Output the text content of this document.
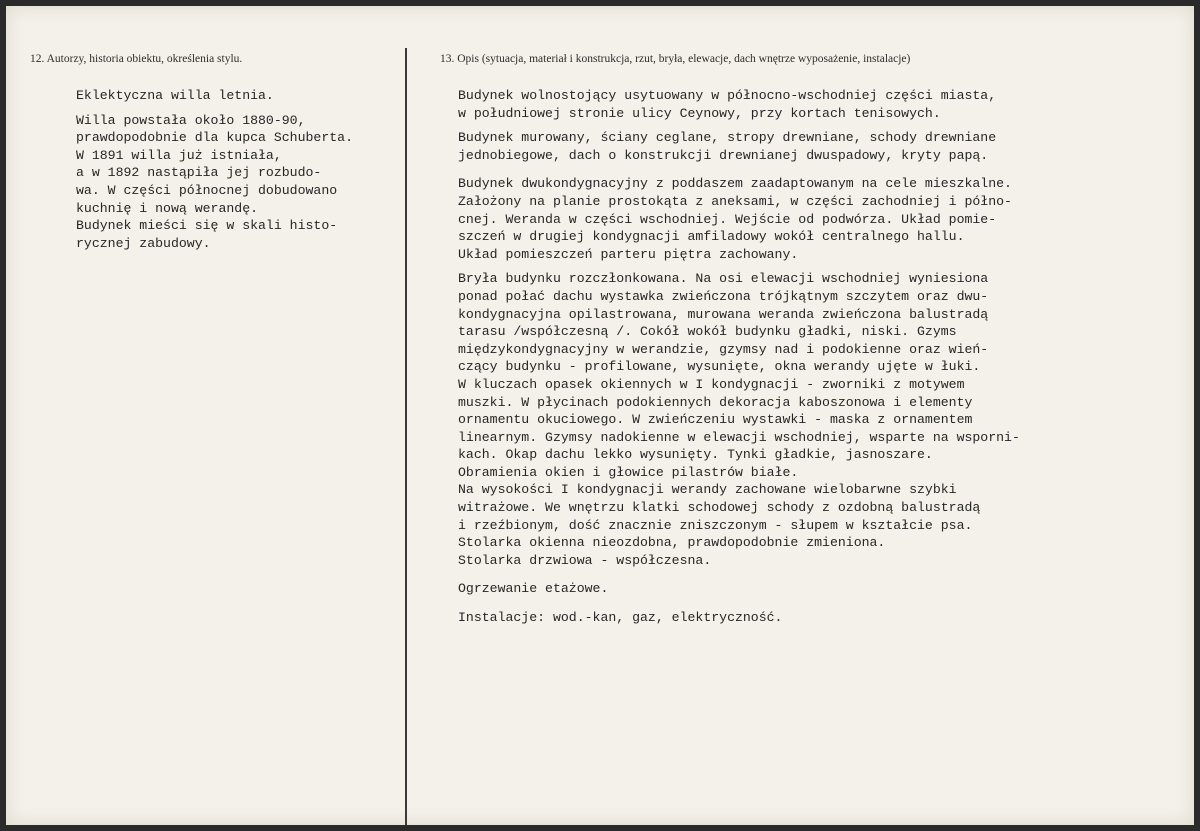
12. Autorzy, historia obiektu, określenia stylu.	13. Opis (sytuacja, materiał i konstrukcja, rzut, bryła, elewacje, dach wnętrze wyposażenie, instalacje)

Eklektyczna willa letnia.

Willa powstała około 1880-90,

prawdopodobnie dla kupca Schuberta.

W 1891 willa już istniała,

a w 1892 nastąpiła jej rozbudo-

wa. W części północnej dobudowano

kuchnię i nową werandę.

Budynek mieści się w skali histo-

rycznej zabudowy.

Budynek wolnostojący usytuowany w północno-wschodniej części miasta,

w południowej stronie ulicy Ceynowy, przy kortach tenisowych.

Budynek murowany, ściany ceglane, stropy drewniane, schody drewniane

jednobiegowe, dach o konstrukcji drewnianej dwuspadowy, kryty papą.

Budynek dwukondygnacyjny z poddaszem zaadaptowanym na cele mieszkalne.

Założony na planie prostokąta z aneksami, w części zachodniej i półno-

cnej. Weranda w części wschodniej. Wejście od podwórza. Układ pomie-

szczeń w drugiej kondygnacji amfiladowy wokół centralnego hallu.

Układ pomieszczeń parteru piętra zachowany.

Bryła budynku rozczłonkowana. Na osi elewacji wschodniej wyniesiona

ponad połać dachu wystawka zwieńczona trójkątnym szczytem oraz dwu-

kondygnacyjna opilastrowana, murowana weranda zwieńczona balustradą

tarasu /współczesną /. Cokół wokół budynku gładki, niski. Gzyms

międzykondygnacyjny w werandzie, gzymsy nad i podokienne oraz wień-

czący budynku - profilowane, wysunięte, okna werandy ujęte w łuki.

W kluczach opasek okiennych w I kondygnacji - zworniki z motywem

muszki. W płycinach podokiennych dekoracja kaboszonowa i elementy

ornamentu okuciowego. W zwieńczeniu wystawki - maska z ornamentem

linearnym. Gzymsy nadokienne w elewacji wschodniej, wsparte na wsporni-

kach. Okap dachu lekko wysunięty. Tynki gładkie, jasnoszare.

Obramienia okien i głowice pilastrów białe.

Na wysokości I kondygnacji werandy zachowane wielobarwne szybki

witrażowe. We wnętrzu klatki schodowej schody z ozdobną balustradą

i rzeźbionym, dość znacznie zniszczonym - słupem w kształcie psa.

Stolarka okienna nieozdobna, prawdopodobnie zmieniona.

Stolarka drzwiowa - współczesna.

Ogrzewanie etażowe.

Instalacje: wod.-kan, gaz, elektryczność.
